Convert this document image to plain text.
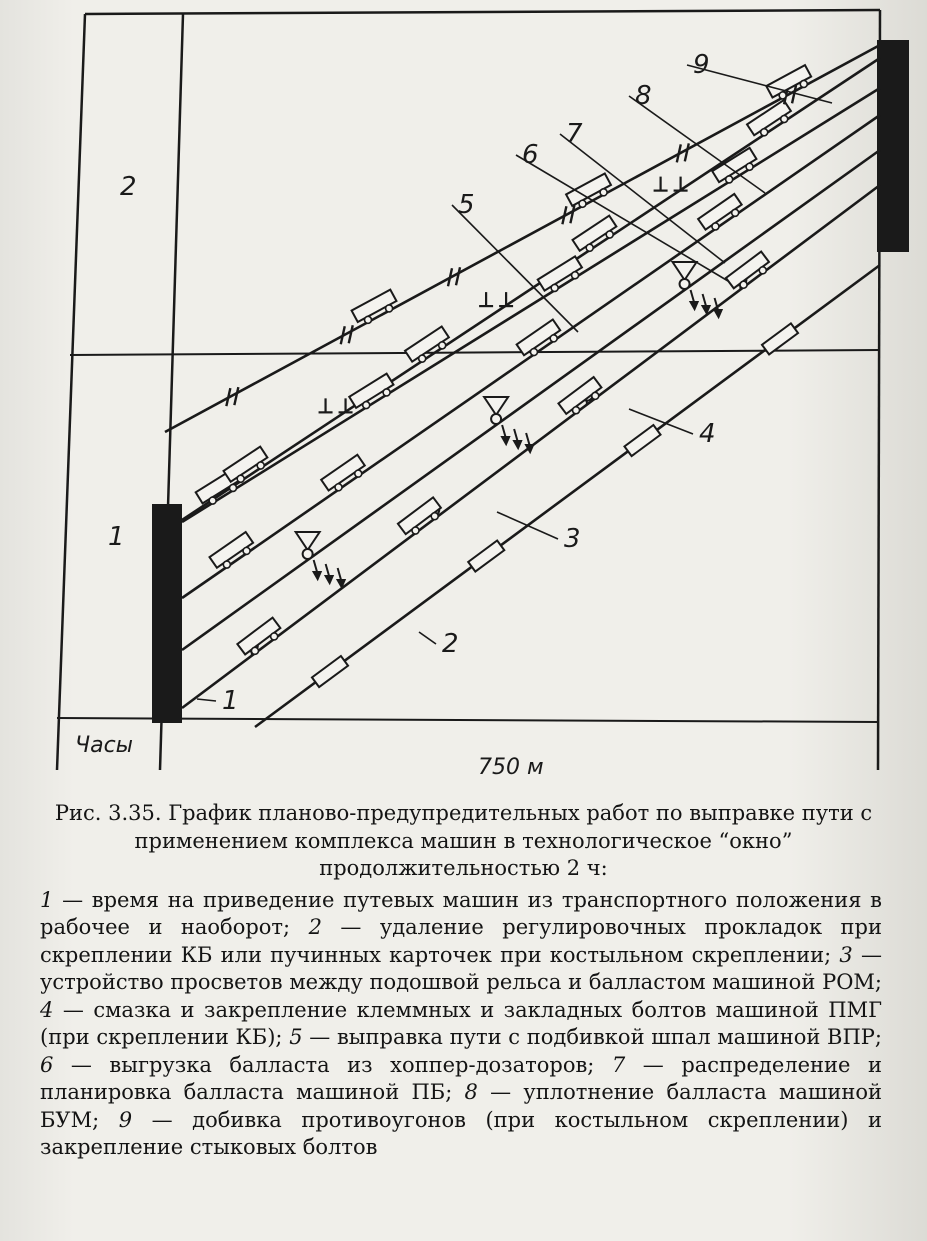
1
2
3
4
5
6
7
8
9
2
1
Часы
750 м
Рис. 3.35. График планово-предупредительных работ по выправке пути с применением комплекса машин в технологическое “окно” продолжительностью 2 ч:
1 — время на приведение путевых машин из транспортного положения в рабочее и наоборот; 2 — удаление регулировочных прокладок при скреплении КБ или пучинных карточек при костыльном скреплении; 3 — устройство просветов между подошвой рельса и балластом машиной РОМ; 4 — смазка и закрепление клеммных и закладных болтов машиной ПМГ (при скреплении КБ); 5 — выправка пути с подбивкой шпал машиной ВПР; 6 — выгрузка балласта из хоппер-дозаторов; 7 — распределение и планировка балласта машиной ПБ; 8 — уплотнение балласта машиной БУМ; 9 — добивка противоугонов (при костыльном скреплении) и закрепление стыковых болтов
